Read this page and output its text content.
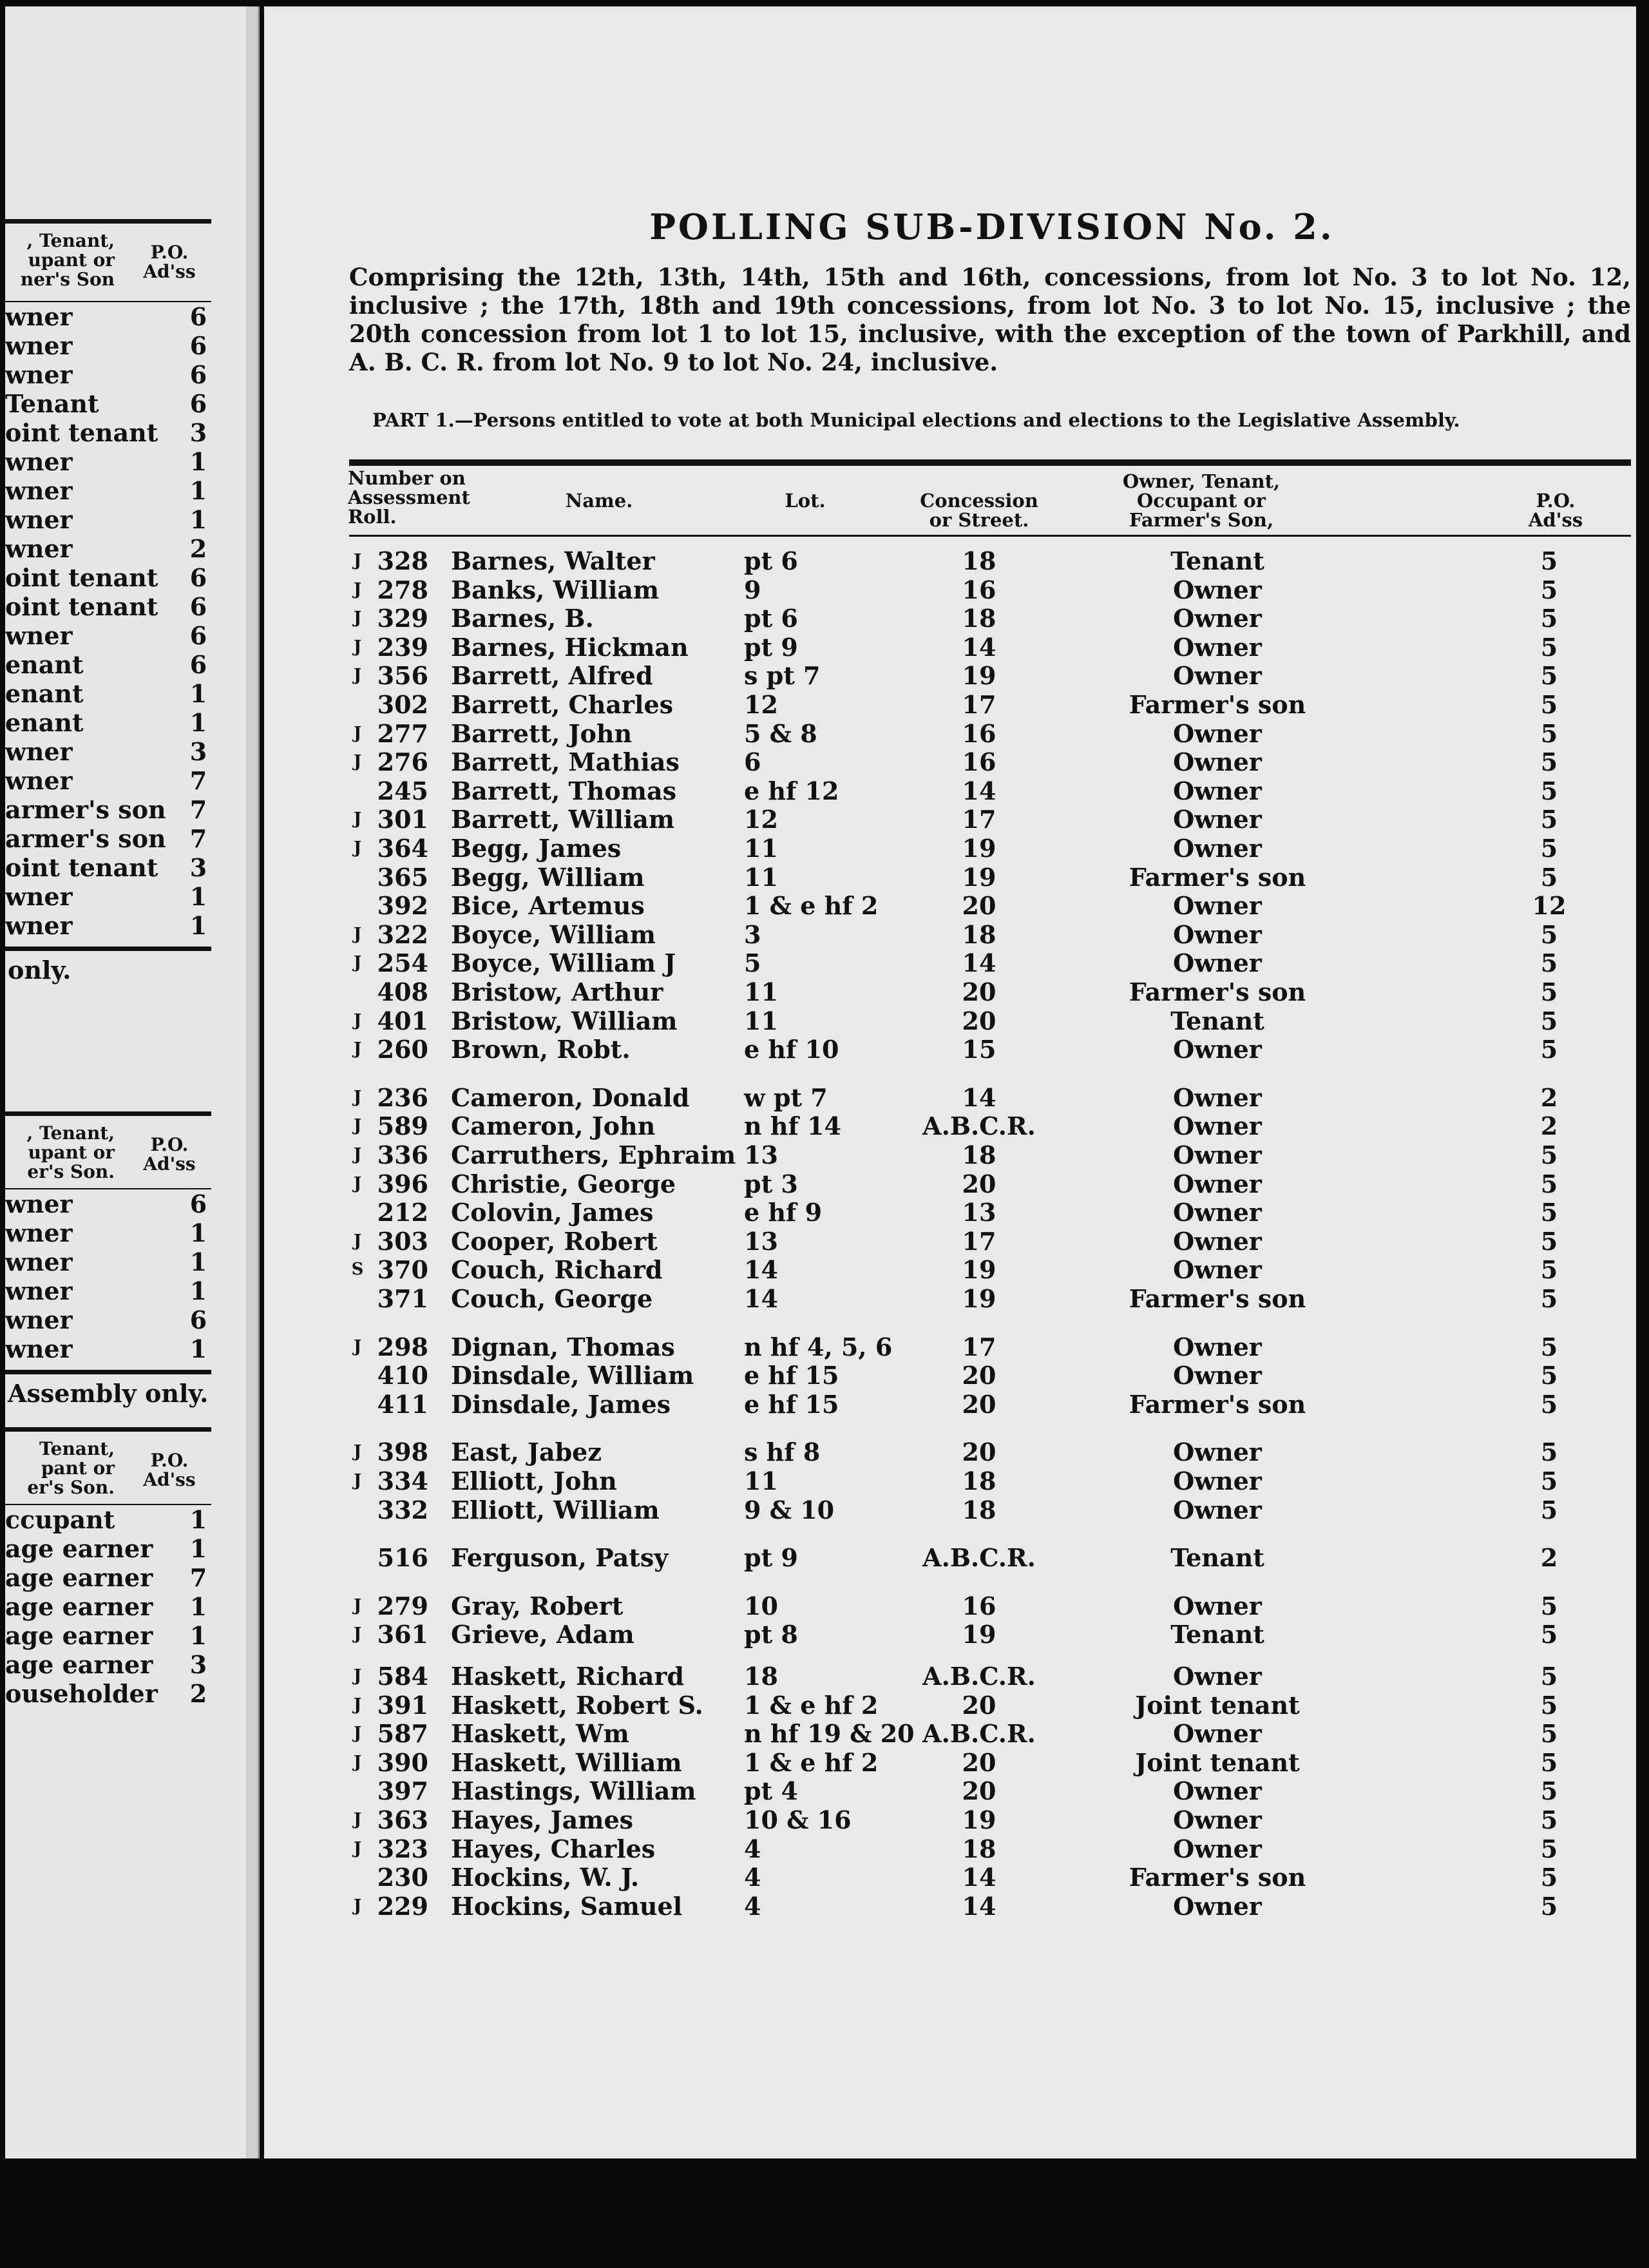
, Tenant, upant or ner's Son
P.O. Ad'ss
wner	6
wner	6
wner	6
Tenant	6
oint tenant 3
wner	1
wner	1
wner	1
wner	2
oint tenant 6
oint tenant 6
wner	6
enant	6
enant	1
enant	1
wner	3
wner	7
armer's son 7
armer's son 7
oint tenant 3
wner	1
wner	1
only.
, Tenant, upant or er's Son.
P.O. Ad'ss
wner	6
wner	1
wner	1
wner	1
wner	6
wner	1
Assembly only.
Tenant, pant or er's Son.
P.O. Ad'ss
ccupant	1
age earner 1
age earner 7
age earner 1
age earner 1
age earner 3
ouseholder 2
POLLING SUB-DIVISION No. 2.
Comprising the 12th, 13th, 14th, 15th and 16th, concessions, from lot No. 3 to lot No. 12, inclusive ; the 17th, 18th and 19th concessions, from lot No. 3 to lot No. 15, inclusive ; the 20th concession from lot 1 to lot 15, inclusive, with the exception of the town of Parkhill, and A. B. C. R. from lot No. 9 to lot No. 24, inclusive.
PART 1.—Persons entitled to vote at both Municipal elections and elections to the Legislative Assembly.
Number on Assessment Roll.
Name.	Lot.	Concession or Street.
Owner, Tenant, Occupant or Farmer's Son,
P.O. Ad'ss
J 328 Barnes, Walter	pt 6	18	Tenant	5
J 278 Banks, William	9	16	Owner	5
J 329 Barnes, B.	pt 6	18	Owner	5
J 239 Barnes, Hickman pt 9	14	Owner	5
J 356 Barrett, Alfred	s pt 7	19	Owner	5
302 Barrett, Charles	12	17	Farmer's son	5
J 277 Barrett, John	5 & 8	16	Owner	5
J 276 Barrett, Mathias	6	16	Owner	5
245 Barrett, Thomas	e hf 12	14	Owner	5
J 301 Barrett, William	12	17	Owner	5
J 364 Begg, James	11	19	Owner	5
365 Begg, William	11	19	Farmer's son	5
392 Bice, Artemus	1 & e hf 2	20	Owner	12
J 322 Boyce, William	3	18	Owner	5
J 254 Boyce, William J	5	14	Owner	5
408 Bristow, Arthur	11	20	Farmer's son	5
J 401 Bristow, William	11	20	Tenant	5
J 260 Brown, Robt.	e hf 10	15	Owner	5
J 236 Cameron, Donald w pt 7	14	Owner	2
J 589 Cameron, John	n hf 14	A.B.C.R.	Owner	2
J 336 Carruthers, Ephraim 13	18	Owner	5
J 396 Christie, George	pt 3	20	Owner	5
212 Colovin, James	e hf 9	13	Owner	5
J 303 Cooper, Robert	13	17	Owner	5
S 370 Couch, Richard	14	19	Owner	5
371 Couch, George	14	19	Farmer's son	5
J 298 Dignan, Thomas	n hf 4, 5, 6	17	Owner	5
410 Dinsdale, William e hf 15	20	Owner	5
411 Dinsdale, James	e hf 15	20	Farmer's son	5
J 398 East, Jabez	s hf 8	20	Owner	5
J 334 Elliott, John	11	18	Owner	5
332 Elliott, William	9 & 10	18	Owner	5
516 Ferguson, Patsy	pt 9	A.B.C.R.	Tenant	2
J 279 Gray, Robert	10	16	Owner	5
J 361 Grieve, Adam	pt 8	19	Tenant	5
J 584 Haskett, Richard 18	A.B.C.R.	Owner	5
J 391 Haskett, Robert S. 1 & e hf 2	20	Joint tenant	5
J 587 Haskett, Wm	n hf 19 & 20 A.B.C.R.	Owner	5
J 390 Haskett, William	1 & e hf 2	20	Joint tenant	5
397 Hastings, William pt 4	20	Owner	5
J 363 Hayes, James	10 & 16	19	Owner	5
J 323 Hayes, Charles	4	18	Owner	5
230 Hockins, W. J.	4	14	Farmer's son	5
J 229 Hockins, Samuel	4	14	Owner	5
